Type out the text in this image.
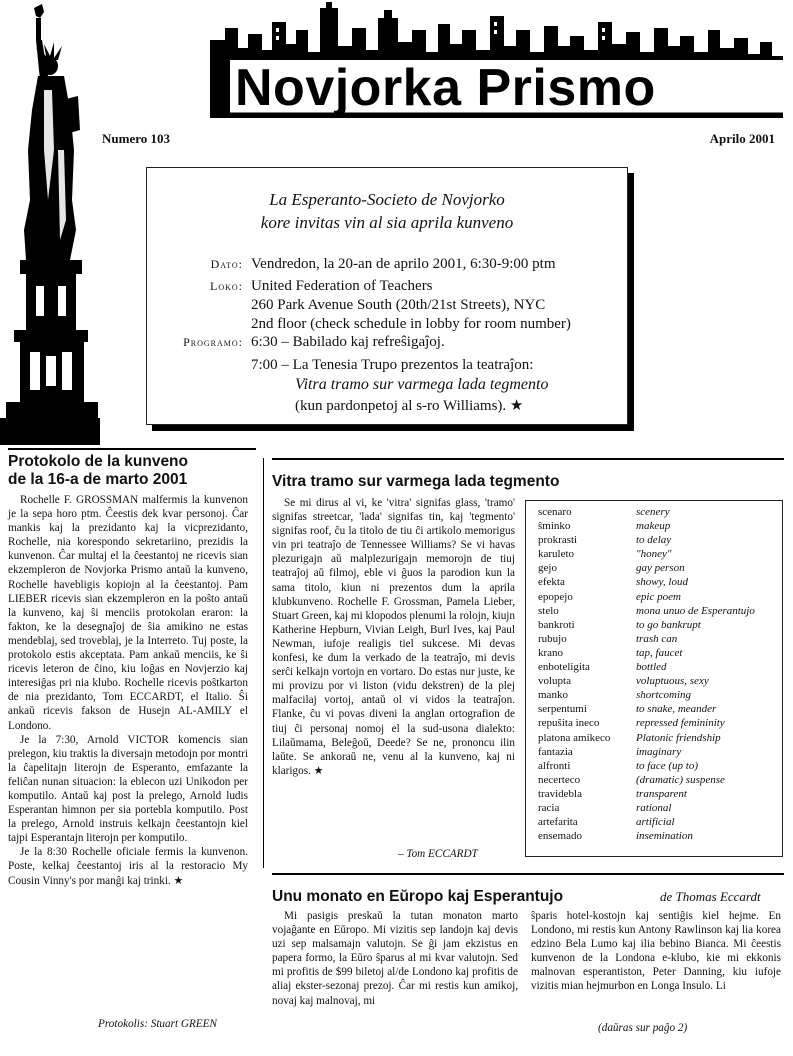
Novjorka Prismo
Numero 103	Aprilo 2001
La Esperanto-Societo de Novjorko
kore invitas vin al sia aprila kunveno
Dato: Vendredon, la 20-an de aprilo 2001, 6:30-9:00 ptm
Loko: United Federation of Teachers
260 Park Avenue South (20th/21st Streets), NYC
2nd floor (check schedule in lobby for room number)
Programo: 6:30 – Babilado kaj refreŝigaĵoj.
7:00 – La Tenesia Trupo prezentos la teatraĵon:
Vitra tramo sur varmega lada tegmento
(kun pardonpetoj al s-ro Williams). ★
Protokolo de la kunveno
de la 16-a de marto 2001

Rochelle F. GROSSMAN malfermis la kunvenon je la sepa horo ptm. Ĉeestis dek kvar personoj. Ĉar mankis kaj la prezidanto kaj la vicprezidanto, Rochelle, nia korespondo sekretariino, prezidis la kunvenon. Ĉar multaj el la ĉeestantoj ne ricevis sian ekzempleron de Novjorka Prismo antaŭ la kunveno, Rochelle havebligis kopiojn al la ĉeestantoj. Pam LIEBER ricevis sian ekzempleron en la poŝto antaŭ la kunveno, kaj ŝi menciis protokolan eraron: la fakton, ke la desegnaĵoj de ŝia amikino ne estas mendeblaj, sed troveblaj, je la Interreto. Tuj poste, la protokolo estis akceptata. Pam ankaŭ menciis, ke ŝi ricevis leteron de ĉino, kiu loĝas en Novjerzio kaj interesiĝas pri nia klubo. Rochelle ricevis poŝtkarton de nia prezidanto, Tom ECCARDT, el Italio. Ŝi ankaŭ ricevis fakson de Husejn AL-AMILY el Londono.

Je la 7:30, Arnold VICTOR komencis sian prelegon, kiu traktis la diversajn metodojn por montri la ĉapelitajn literojn de Esperanto, emfazante la feliĉan nunan situacion: la eblecon uzi Unikodon per komputilo. Antaŭ kaj post la prelego, Arnold ludis Esperantan himnon per sia portebla komputilo. Post la prelego, Arnold instruis kelkajn ĉeestantojn kiel tajpi Esperantajn literojn per komputilo.

Je la 8:30 Rochelle oficiale fermis la kunvenon. Poste, kelkaj ĉeestantoj iris al la restoracio My Cousin Vinny's por manĝi kaj trinki. ★

Protokolis: Stuart GREEN
Vitra tramo sur varmega lada tegmento

Se mi dirus al vi, ke 'vitra' signifas glass, 'tramo' signifas streetcar, 'lada' signifas tin, kaj 'tegmento' signifas roof, ĉu la titolo de tiu ĉi artikolo memorigus vin pri teatraĵo de Tennessee Williams? Se vi havas plezurigajn aŭ malplezurigajn memorojn de tiuj teatraĵoj aŭ filmoj, eble vi ĝuos la parodion kun la sama titolo, kiun ni prezentos dum la aprila klubkunveno. Rochelle F. Grossman, Pamela Lieber, Stuart Green, kaj mi klopodos plenumi la rolojn, kiujn Katherine Hepburn, Vivian Leigh, Burl Ives, kaj Paul Newman, iufoje realigis tiel sukcese. Mi devas konfesi, ke dum la verkado de la teatraĵo, mi devis serĉi kelkajn vortojn en vortaro. Do estas nur juste, ke mi provizu por vi liston (vidu dekstren) de la plej malfacilaj vortoj, antaŭ ol vi vidos la teatraĵon. Flanke, ĉu vi povas diveni la anglan ortografion de tiuj ĉi personaj nomoj el la sud-usona dialekto: Lilaŭmama, Beleĝoŭ, Deede? Se ne, prononcu ilin laŭte. Se ankoraŭ ne, venu al la kunveno, kaj ni klarigos. ★

– Tom ECCARDT
scenaro	scenery
ŝminko	makeup
prokrasti	to delay
karuleto	"honey"
gejo	gay person
efekta	showy, loud
epopejo	epic poem
stelo	mona unuo de Esperantujo
bankroti	to go bankrupt
rubujo	trash can
krano	tap, faucet
enboteligita	bottled
volupta	voluptuous, sexy
manko	shortcoming
serpentumi	to snake, meander
repuŝita ineco	repressed femininity
platona amikeco	Platonic friendship
fantazia	imaginary
alfronti	to face (up to)
necerteco	(dramatic) suspense
travidebla	transparent
racia	rational
artefarita	artificial
ensemado	insemination
Unu monato en Eŭropo kaj Esperantujo	de Thomas Eccardt

Mi pasigis preskaŭ la tutan monaton marto vojaĝante en Eŭropo. Mi vizitis sep landojn kaj devis uzi sep malsamajn valutojn. Se ĝi jam ekzistus en papera formo, la Eŭro ŝparus al mi kvar valutojn. Sed mi profitis de $99 biletoj al/de Londono kaj profitis de aliaj ekster-sezonaj prezoj. Ĉar mi restis kun amikoj, novaj kaj malnovaj, mi

ŝparis hotel-kostojn kaj sentiĝis kiel hejme. En Londono, mi restis kun Antony Rawlinson kaj lia korea edzino Bela Lumo kaj ilia bebino Bianca. Mi ĉeestis kunvenon de la Londona e-klubo, kie mi ekkonis malnovan esperantiston, Peter Danning, kiu iufoje vizitis mian hejmurbon en Longa Insulo. Li

(daŭras sur paĝo 2)
